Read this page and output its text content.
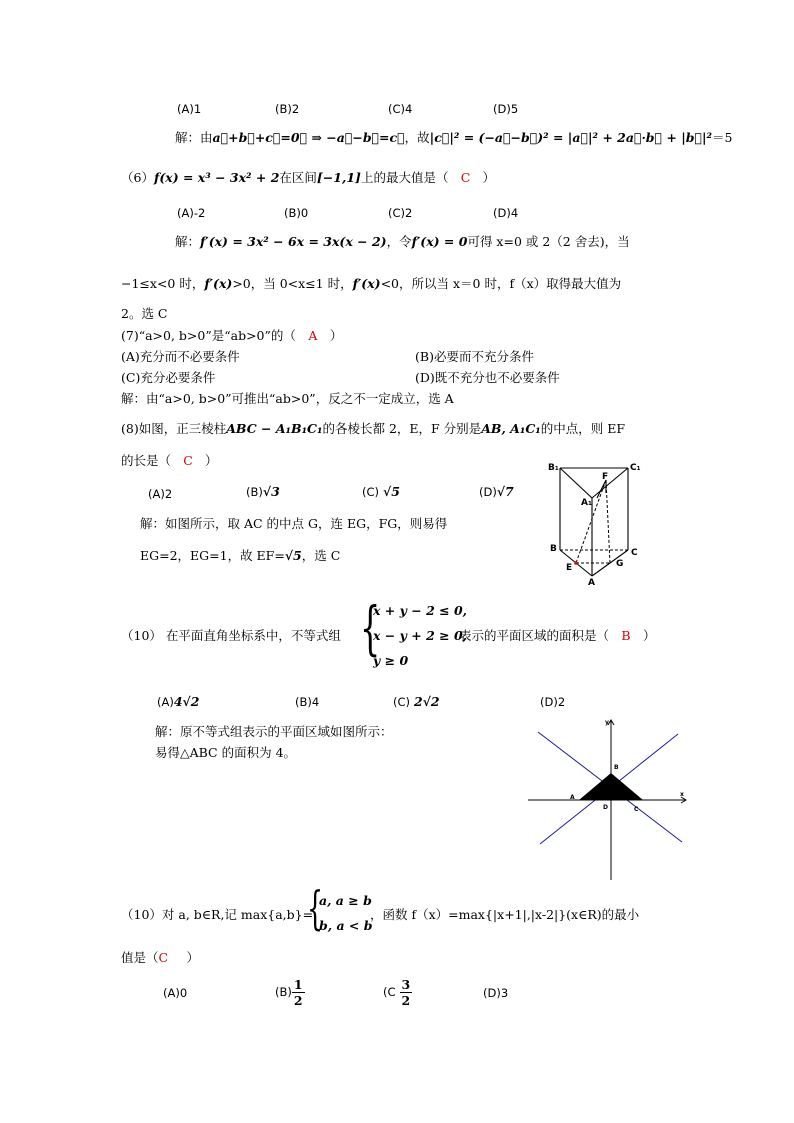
(A)1	(B)2	(C)4	(D)5
解：由a⃗+b⃗+c⃗=0⃗ ⇒ −a⃗−b⃗=c⃗，故|c⃗|² = (−a⃗−b⃗)² = |a⃗|² + 2a⃗·b⃗ + |b⃗|²＝5
（6）f(x) = x³ − 3x² + 2在区间[−1,1]上的最大值是（ C ）
(A)-2	(B)0	(C)2	(D)4
解：f′(x) = 3x² − 6x = 3x(x − 2)，令f′(x) = 0可得 x=0 或 2（2 舍去)，当
−1≤x<0 时，f′(x)>0，当 0<x≤1 时，f′(x)<0，所以当 x＝0 时，f（x）取得最大值为
2。选 C
(7)“a>0, b>0”是“ab>0”的（ A ）
(A)充分而不必要条件	(B)必要而不充分条件
(C)充分必要条件	(D)既不充分也不必要条件
解：由“a>0, b>0”可推出“ab>0”，反之不一定成立，选 A
(8)如图，正三棱柱ABC − A₁B₁C₁的各棱长都 2，E，F 分别是AB, A₁C₁的中点，则 EF
的长是（ C ）
(A)2	(B)√3	(C) √5	(D)√7
解：如图所示，取 AC 的中点 G，连 EG，FG，则易得
EG=2，EG=1，故 EF=√5，选 C
B₁	C₁
F
A₁
B	C
E	G
A
（10） 在平面直角坐标系中，不等式组 {
x + y − 2 ≤ 0,
x − y + 2 ≥ 0,
y ≥ 0
表示的平面区域的面积是（ B ）
(A)4√2	(B)4	(C) 2√2	(D)2
解：原不等式组表示的平面区域如图所示：
易得△ABC 的面积为 4。
y
B
A
D	C
x
（10）对 a, b∈R,记 max{a,b}=
{
a, a ≥ b
b, a < b
，函数 f（x）=max{|x+1|,|x-2|}(x∈R)的最小
值是（C ）
(A)0	$(B) \frac{1}{2}$	($C \frac{3}{2}$	(D)3
